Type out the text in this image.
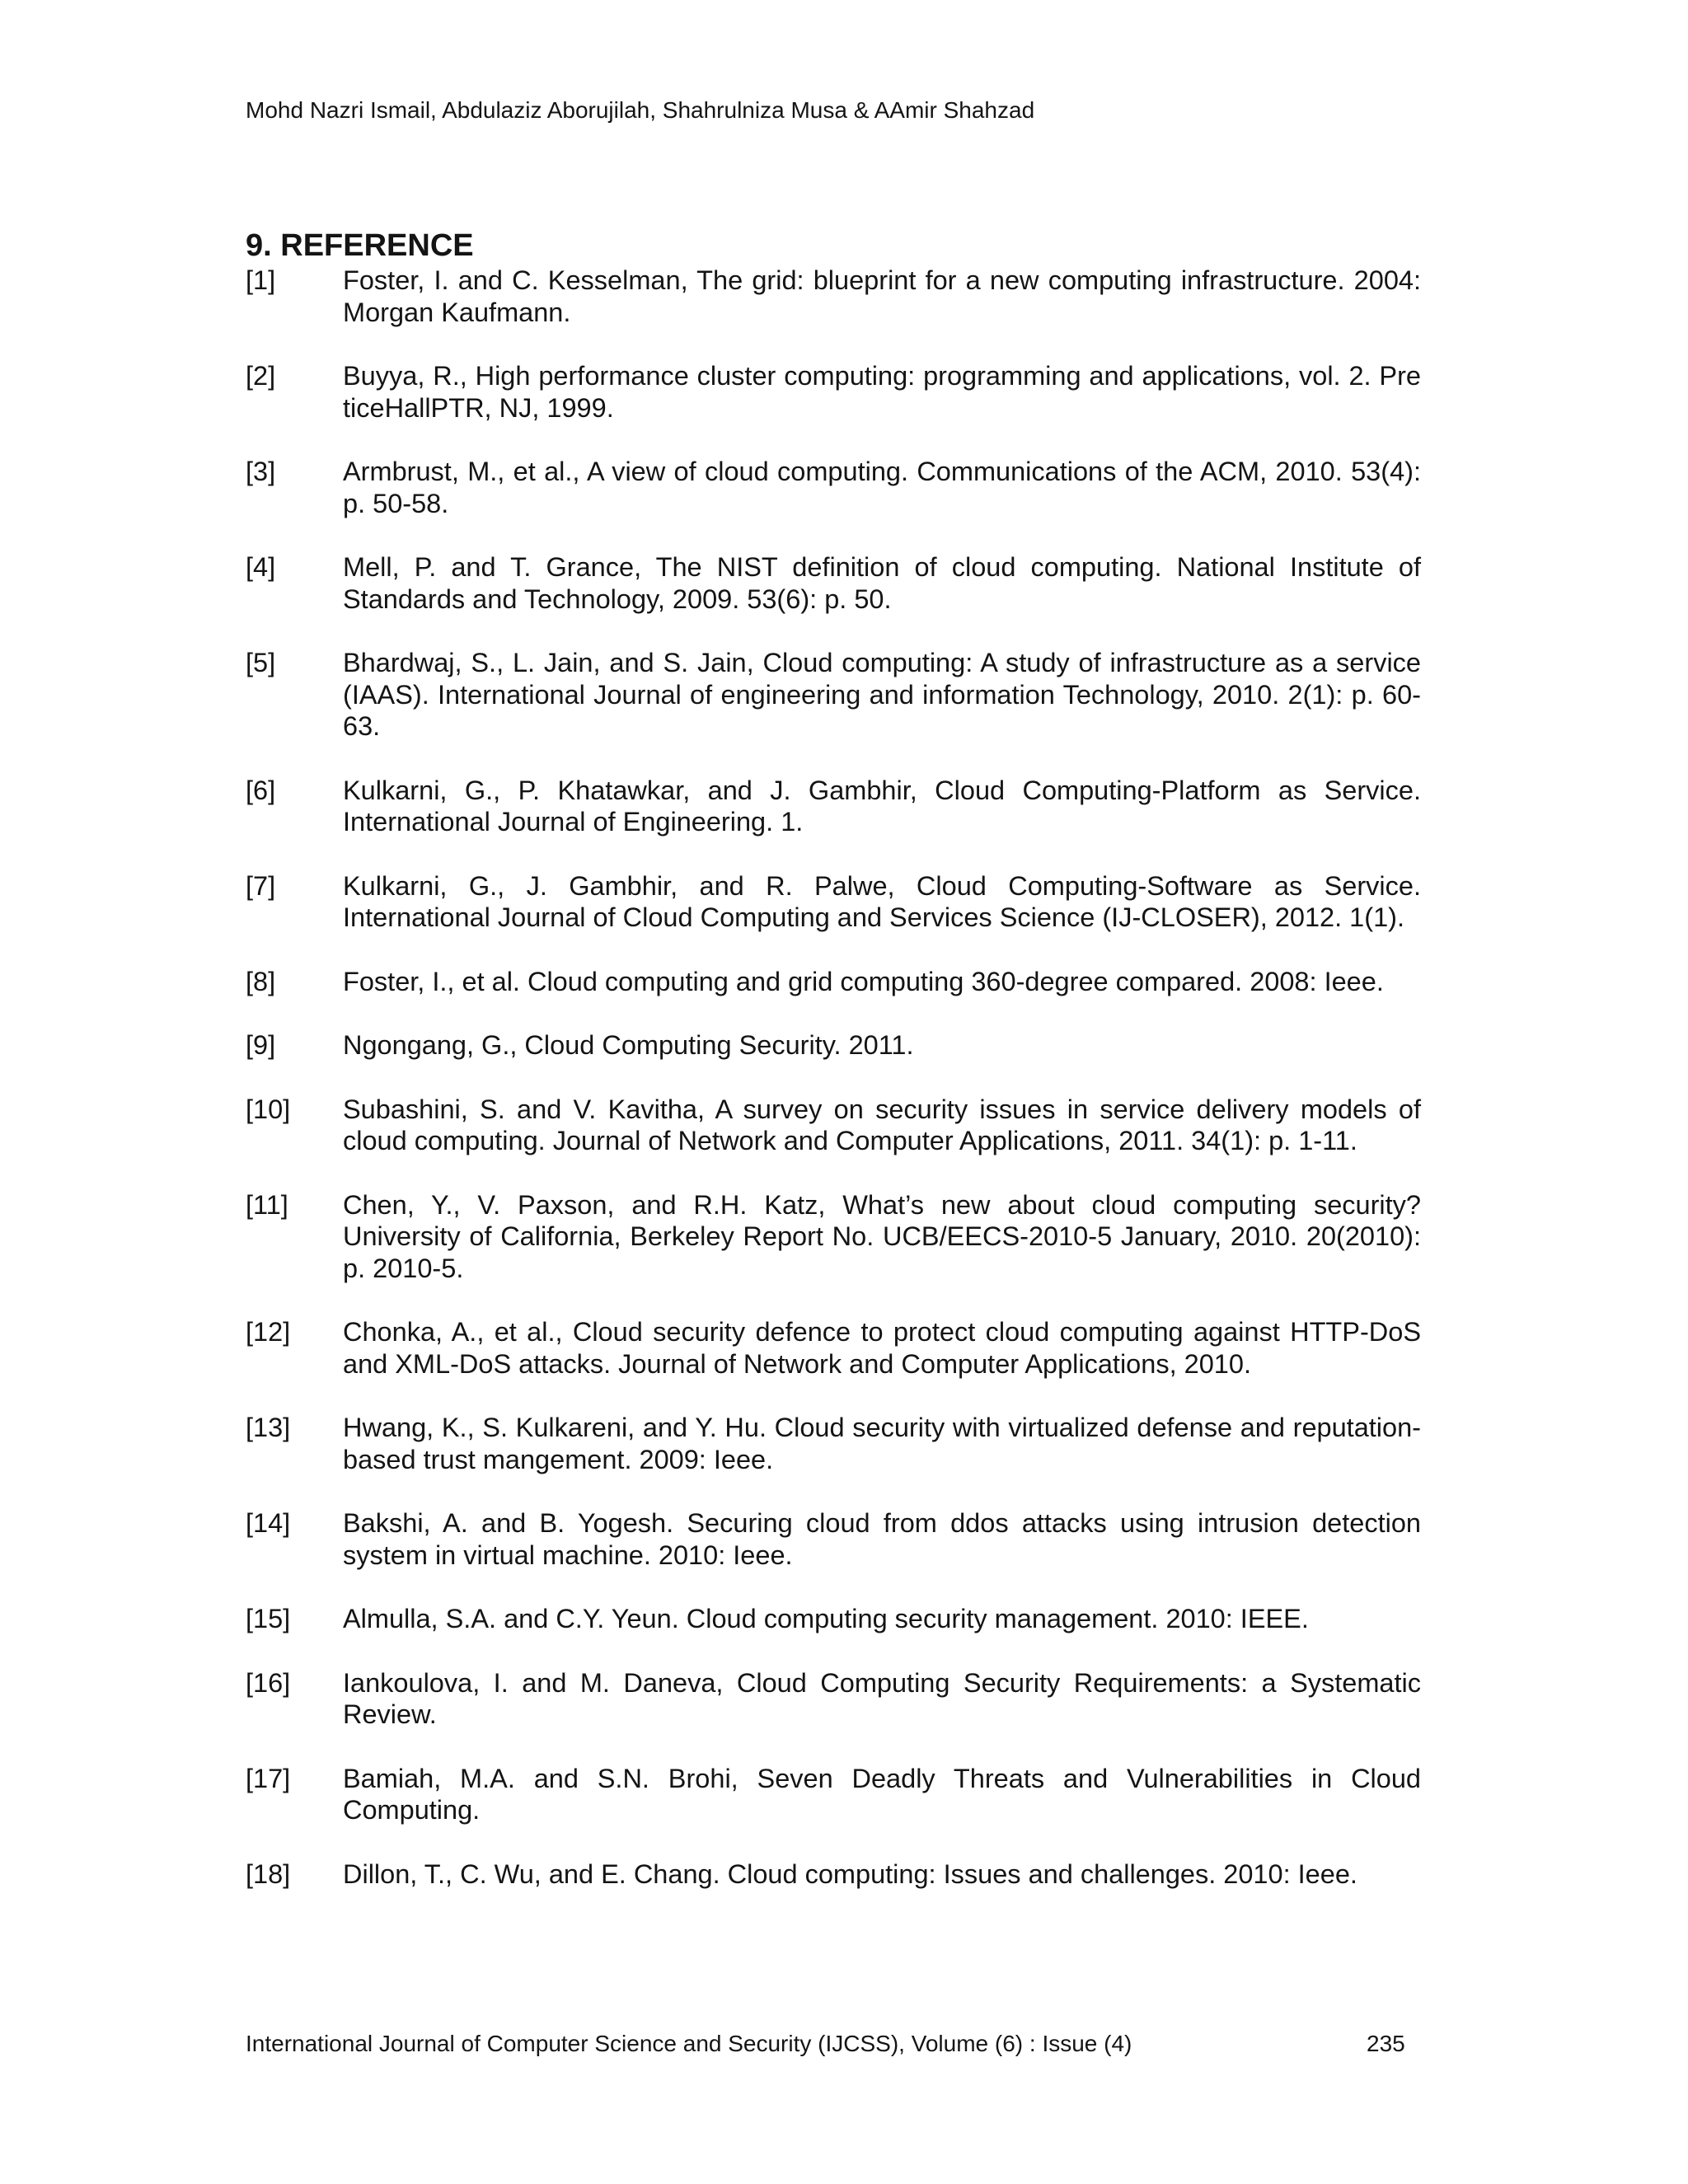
Mohd Nazri Ismail, Abdulaziz Aborujilah, Shahrulniza Musa & AAmir Shahzad
9. REFERENCE
[1]	Foster, I. and C. Kesselman, The grid: blueprint for a new computing infrastructure. 2004: Morgan Kaufmann.
[2]	Buyya, R., High performance cluster computing: programming and applications, vol. 2. Pre ticeHallPTR, NJ, 1999.
[3]	Armbrust, M., et al., A view of cloud computing. Communications of the ACM, 2010. 53(4): p. 50-58.
[4]	Mell, P. and T. Grance, The NIST definition of cloud computing. National Institute of Standards and Technology, 2009. 53(6): p. 50.
[5]	Bhardwaj, S., L. Jain, and S. Jain, Cloud computing: A study of infrastructure as a service (IAAS). International Journal of engineering and information Technology, 2010. 2(1): p. 60-63.
[6]	Kulkarni, G., P. Khatawkar, and J. Gambhir, Cloud Computing-Platform as Service. International Journal of Engineering. 1.
[7]	Kulkarni, G., J. Gambhir, and R. Palwe, Cloud Computing-Software as Service. International Journal of Cloud Computing and Services Science (IJ-CLOSER), 2012. 1(1).
[8]	Foster, I., et al. Cloud computing and grid computing 360-degree compared. 2008: Ieee.
[9]	Ngongang, G., Cloud Computing Security. 2011.
[10]	Subashini, S. and V. Kavitha, A survey on security issues in service delivery models of cloud computing. Journal of Network and Computer Applications, 2011. 34(1): p. 1-11.
[11]	Chen, Y., V. Paxson, and R.H. Katz, What’s new about cloud computing security? University of California, Berkeley Report No. UCB/EECS-2010-5 January, 2010. 20(2010): p. 2010-5.
[12]	Chonka, A., et al., Cloud security defence to protect cloud computing against HTTP-DoS and XML-DoS attacks. Journal of Network and Computer Applications, 2010.
[13]	Hwang, K., S. Kulkareni, and Y. Hu. Cloud security with virtualized defense and reputation-based trust mangement. 2009: Ieee.
[14]	Bakshi, A. and B. Yogesh. Securing cloud from ddos attacks using intrusion detection system in virtual machine. 2010: Ieee.
[15]	Almulla, S.A. and C.Y. Yeun. Cloud computing security management. 2010: IEEE.
[16]	Iankoulova, I. and M. Daneva, Cloud Computing Security Requirements: a Systematic Review.
[17]	Bamiah, M.A. and S.N. Brohi, Seven Deadly Threats and Vulnerabilities in Cloud Computing.
[18]	Dillon, T., C. Wu, and E. Chang. Cloud computing: Issues and challenges. 2010: Ieee.
International Journal of Computer Science and Security (IJCSS), Volume (6) : Issue (4)	235
